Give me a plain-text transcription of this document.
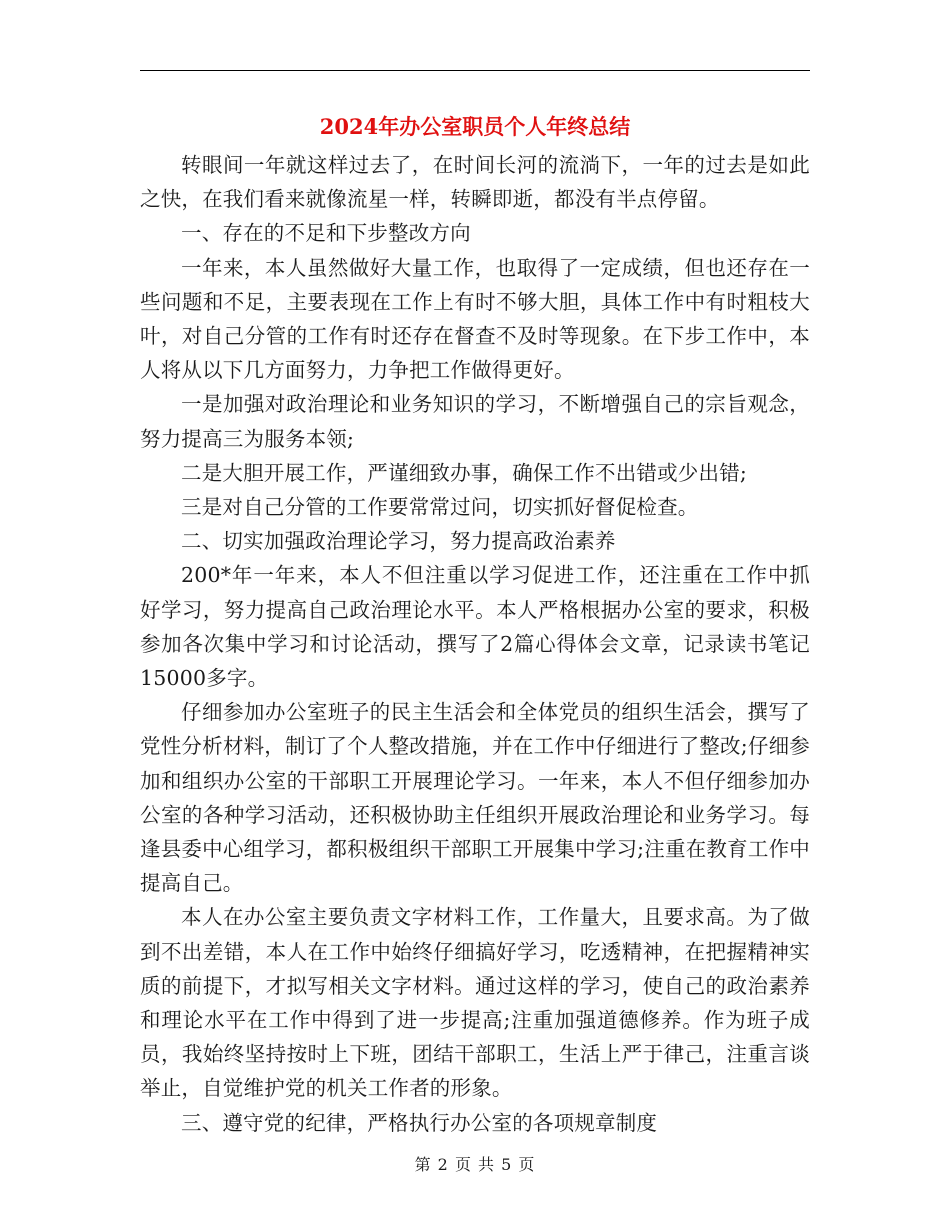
2024年办公室职员个人年终总结

转眼间一年就这样过去了，在时间长河的流淌下，一年的过去是如此之快，在我们看来就像流星一样，转瞬即逝，都没有半点停留。

一、存在的不足和下步整改方向

一年来，本人虽然做好大量工作，也取得了一定成绩，但也还存在一些问题和不足，主要表现在工作上有时不够大胆，具体工作中有时粗枝大叶，对自己分管的工作有时还存在督查不及时等现象。在下步工作中，本人将从以下几方面努力，力争把工作做得更好。

一是加强对政治理论和业务知识的学习，不断增强自己的宗旨观念，努力提高三为服务本领;

二是大胆开展工作，严谨细致办事，确保工作不出错或少出错;

三是对自己分管的工作要常常过问，切实抓好督促检查。

二、切实加强政治理论学习，努力提高政治素养

200*年一年来，本人不但注重以学习促进工作，还注重在工作中抓好学习，努力提高自己政治理论水平。本人严格根据办公室的要求，积极参加各次集中学习和讨论活动，撰写了2篇心得体会文章，记录读书笔记15000多字。

仔细参加办公室班子的民主生活会和全体党员的组织生活会，撰写了党性分析材料，制订了个人整改措施，并在工作中仔细进行了整改;仔细参加和组织办公室的干部职工开展理论学习。一年来，本人不但仔细参加办公室的各种学习活动，还积极协助主任组织开展政治理论和业务学习。每逢县委中心组学习，都积极组织干部职工开展集中学习;注重在教育工作中提高自己。

本人在办公室主要负责文字材料工作，工作量大，且要求高。为了做到不出差错，本人在工作中始终仔细搞好学习，吃透精神，在把握精神实质的前提下，才拟写相关文字材料。通过这样的学习，使自己的政治素养和理论水平在工作中得到了进一步提高;注重加强道德修养。作为班子成员，我始终坚持按时上下班，团结干部职工，生活上严于律己，注重言谈举止，自觉维护党的机关工作者的形象。

三、遵守党的纪律，严格执行办公室的各项规章制度

第 2 页 共 5 页
